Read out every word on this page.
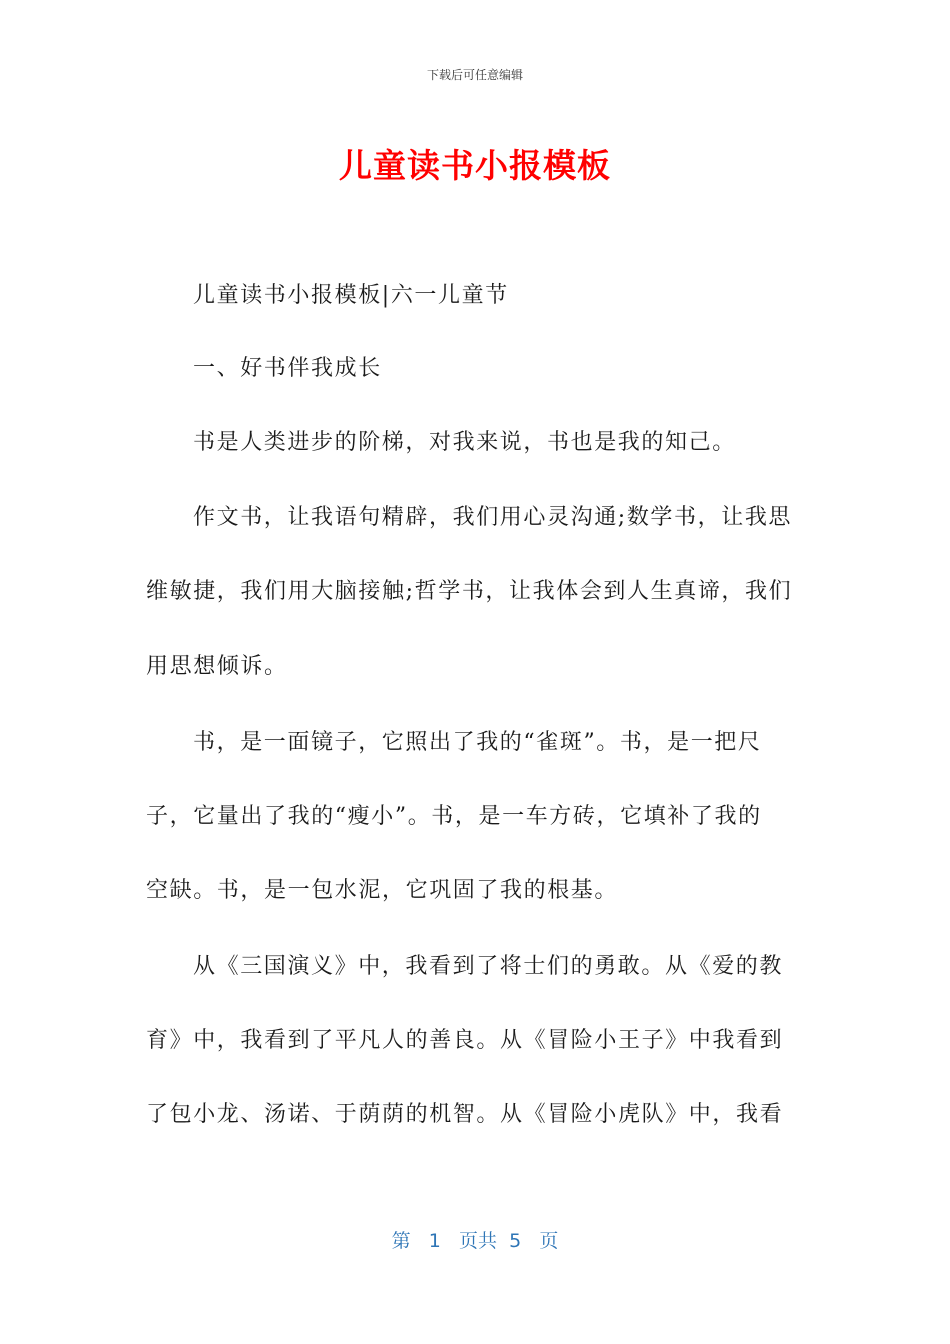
下载后可任意编辑
儿童读书小报模板
儿童读书小报模板|六一儿童节
一、好书伴我成长
书是人类进步的阶梯，对我来说，书也是我的知己。
作文书，让我语句精辟，我们用心灵沟通;数学书，让我思
维敏捷，我们用大脑接触;哲学书，让我体会到人生真谛，我们
用思想倾诉。
书，是一面镜子，它照出了我的“雀斑”。书，是一把尺
子，它量出了我的“瘦小”。书，是一车方砖，它填补了我的
空缺。书，是一包水泥，它巩固了我的根基。
从《三国演义》中，我看到了将士们的勇敢。从《爱的教
育》中，我看到了平凡人的善良。从《冒险小王子》中我看到
了包小龙、汤诺、于荫荫的机智。从《冒险小虎队》中，我看
第 1 页共 5 页
